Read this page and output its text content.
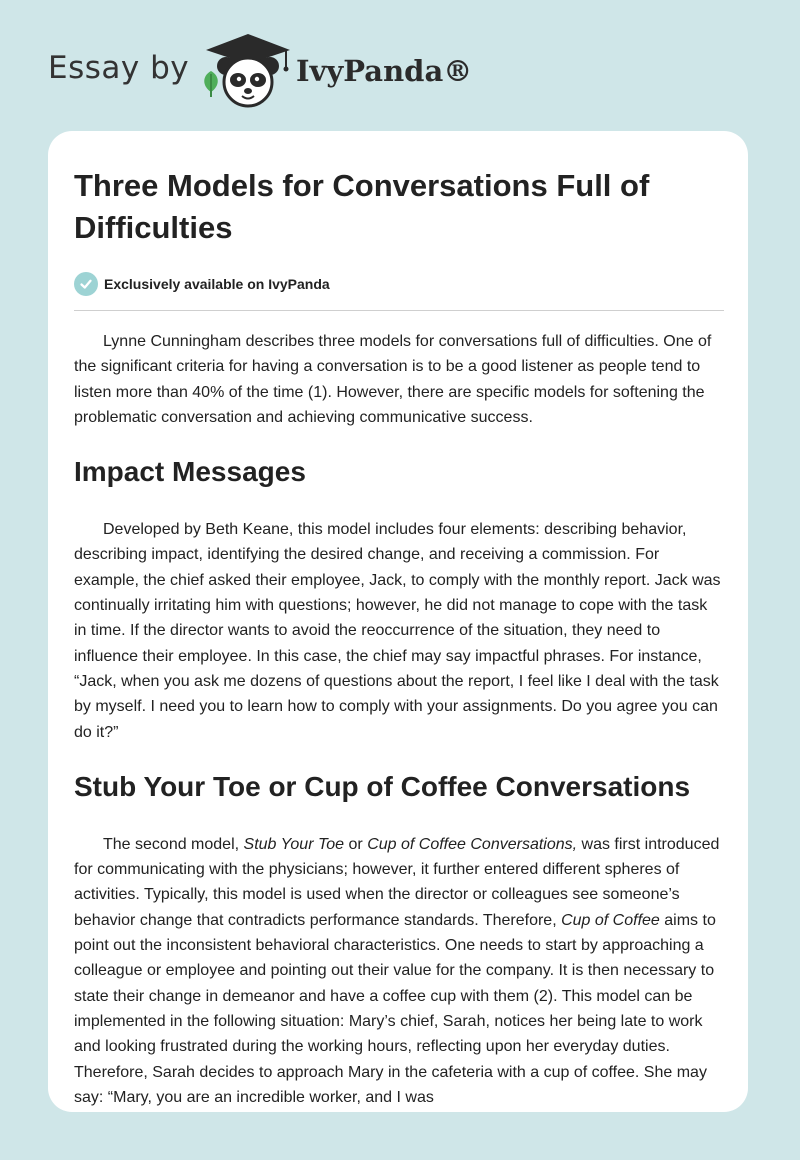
Essay by	IvyPanda®
Three Models for Conversations Full of Difficulties
Exclusively available on IvyPanda

Lynne Cunningham describes three models for conversations full of difficulties. One of the significant criteria for having a conversation is to be a good listener as people tend to listen more than 40% of the time (1). However, there are specific models for softening the problematic conversation and achieving communicative success.

Impact Messages

Developed by Beth Keane, this model includes four elements: describing behavior, describing impact, identifying the desired change, and receiving a commission. For example, the chief asked their employee, Jack, to comply with the monthly report. Jack was continually irritating him with questions; however, he did not manage to cope with the task in time. If the director wants to avoid the reoccurrence of the situation, they need to influence their employee. In this case, the chief may say impactful phrases. For instance, “Jack, when you ask me dozens of questions about the report, I feel like I deal with the task by myself. I need you to learn how to comply with your assignments. Do you agree you can do it?”

Stub Your Toe or Cup of Coffee Conversations

The second model, Stub Your Toe or Cup of Coffee Conversations, was first introduced for communicating with the physicians; however, it further entered different spheres of activities. Typically, this model is used when the director or colleagues see someone’s behavior change that contradicts performance standards. Therefore, Cup of Coffee aims to point out the inconsistent behavioral characteristics. One needs to start by approaching a colleague or employee and pointing out their value for the company. It is then necessary to state their change in demeanor and have a coffee cup with them (2). This model can be implemented in the following situation: Mary’s chief, Sarah, notices her being late to work and looking frustrated during the working hours, reflecting upon her everyday duties. Therefore, Sarah decides to approach Mary in the cafeteria with a cup of coffee. She may say: “Mary, you are an incredible worker, and I was
